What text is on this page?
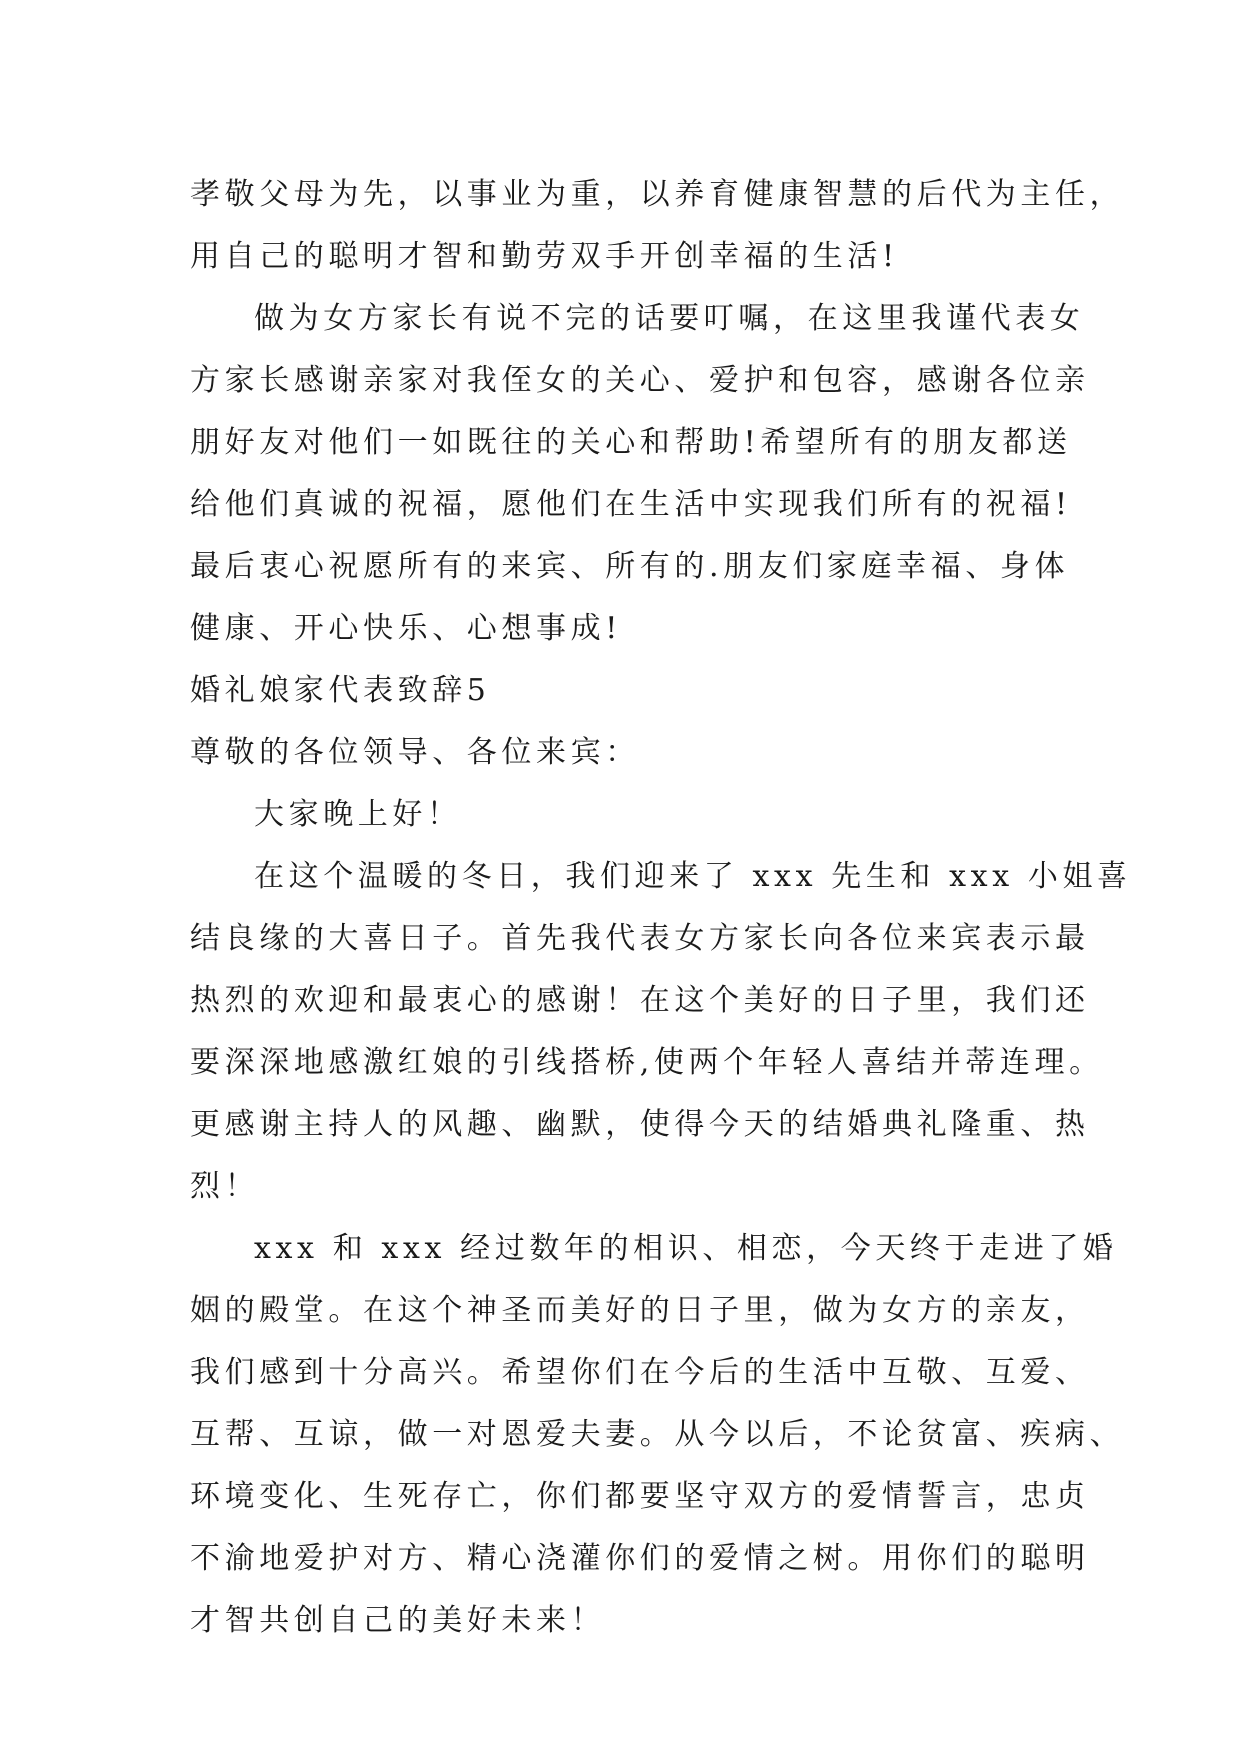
孝敬父母为先，以事业为重，以养育健康智慧的后代为主任，
用自己的聪明才智和勤劳双手开创幸福的生活!
做为女方家长有说不完的话要叮嘱，在这里我谨代表女
方家长感谢亲家对我侄女的关心、爱护和包容，感谢各位亲
朋好友对他们一如既往的关心和帮助!希望所有的朋友都送
给他们真诚的祝福，愿他们在生活中实现我们所有的祝福!
最后衷心祝愿所有的来宾、所有的.朋友们家庭幸福、身体
健康、开心快乐、心想事成!
婚礼娘家代表致辞5
尊敬的各位领导、各位来宾：
大家晚上好！
在这个温暖的冬日，我们迎来了 xxx 先生和 xxx 小姐喜
结良缘的大喜日子。首先我代表女方家长向各位来宾表示最
热烈的欢迎和最衷心的感谢！在这个美好的日子里，我们还
要深深地感激红娘的引线搭桥,使两个年轻人喜结并蒂连理。
更感谢主持人的风趣、幽默，使得今天的结婚典礼隆重、热
烈！
xxx 和 xxx 经过数年的相识、相恋，今天终于走进了婚
姻的殿堂。在这个神圣而美好的日子里，做为女方的亲友，
我们感到十分高兴。希望你们在今后的生活中互敬、互爱、
互帮、互谅，做一对恩爱夫妻。从今以后，不论贫富、疾病、
环境变化、生死存亡，你们都要坚守双方的爱情誓言，忠贞
不渝地爱护对方、精心浇灌你们的爱情之树。用你们的聪明
才智共创自己的美好未来！
